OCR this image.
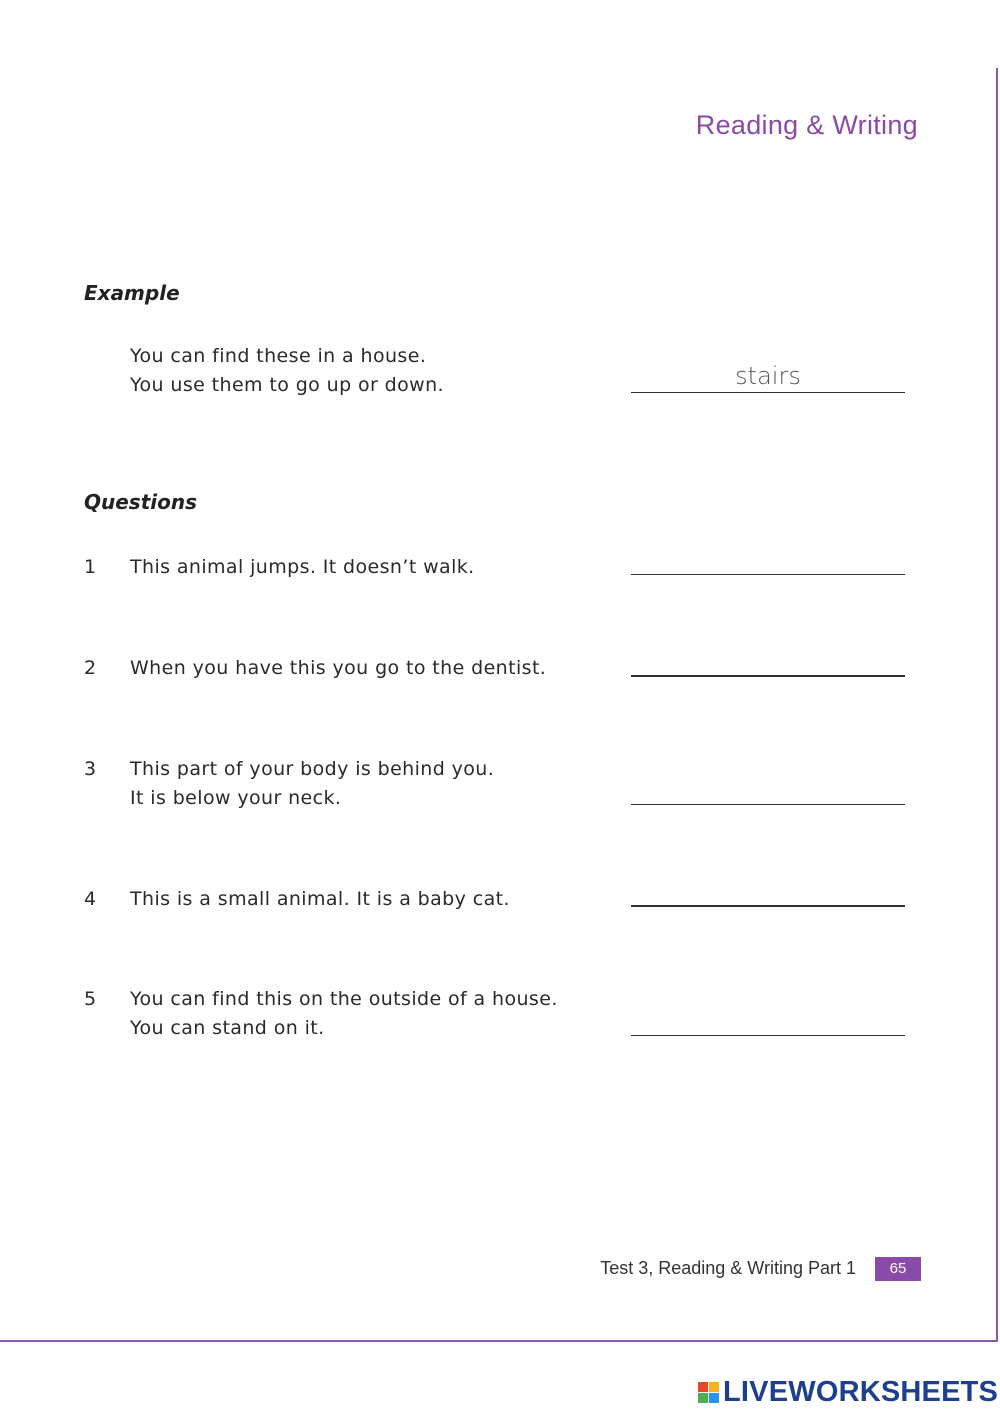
Reading & Writing
Example
You can find these in a house.
You use them to go up or down.	stairs
Questions
1 This animal jumps. It doesn’t walk.
2 When you have this you go to the dentist.
3 This part of your body is behind you.
It is below your neck.
4 This is a small animal. It is a baby cat.
5 You can find this on the outside of a house.
You can stand on it.
Test 3, Reading & Writing Part 1	65
LIVEWORKSHEETS
